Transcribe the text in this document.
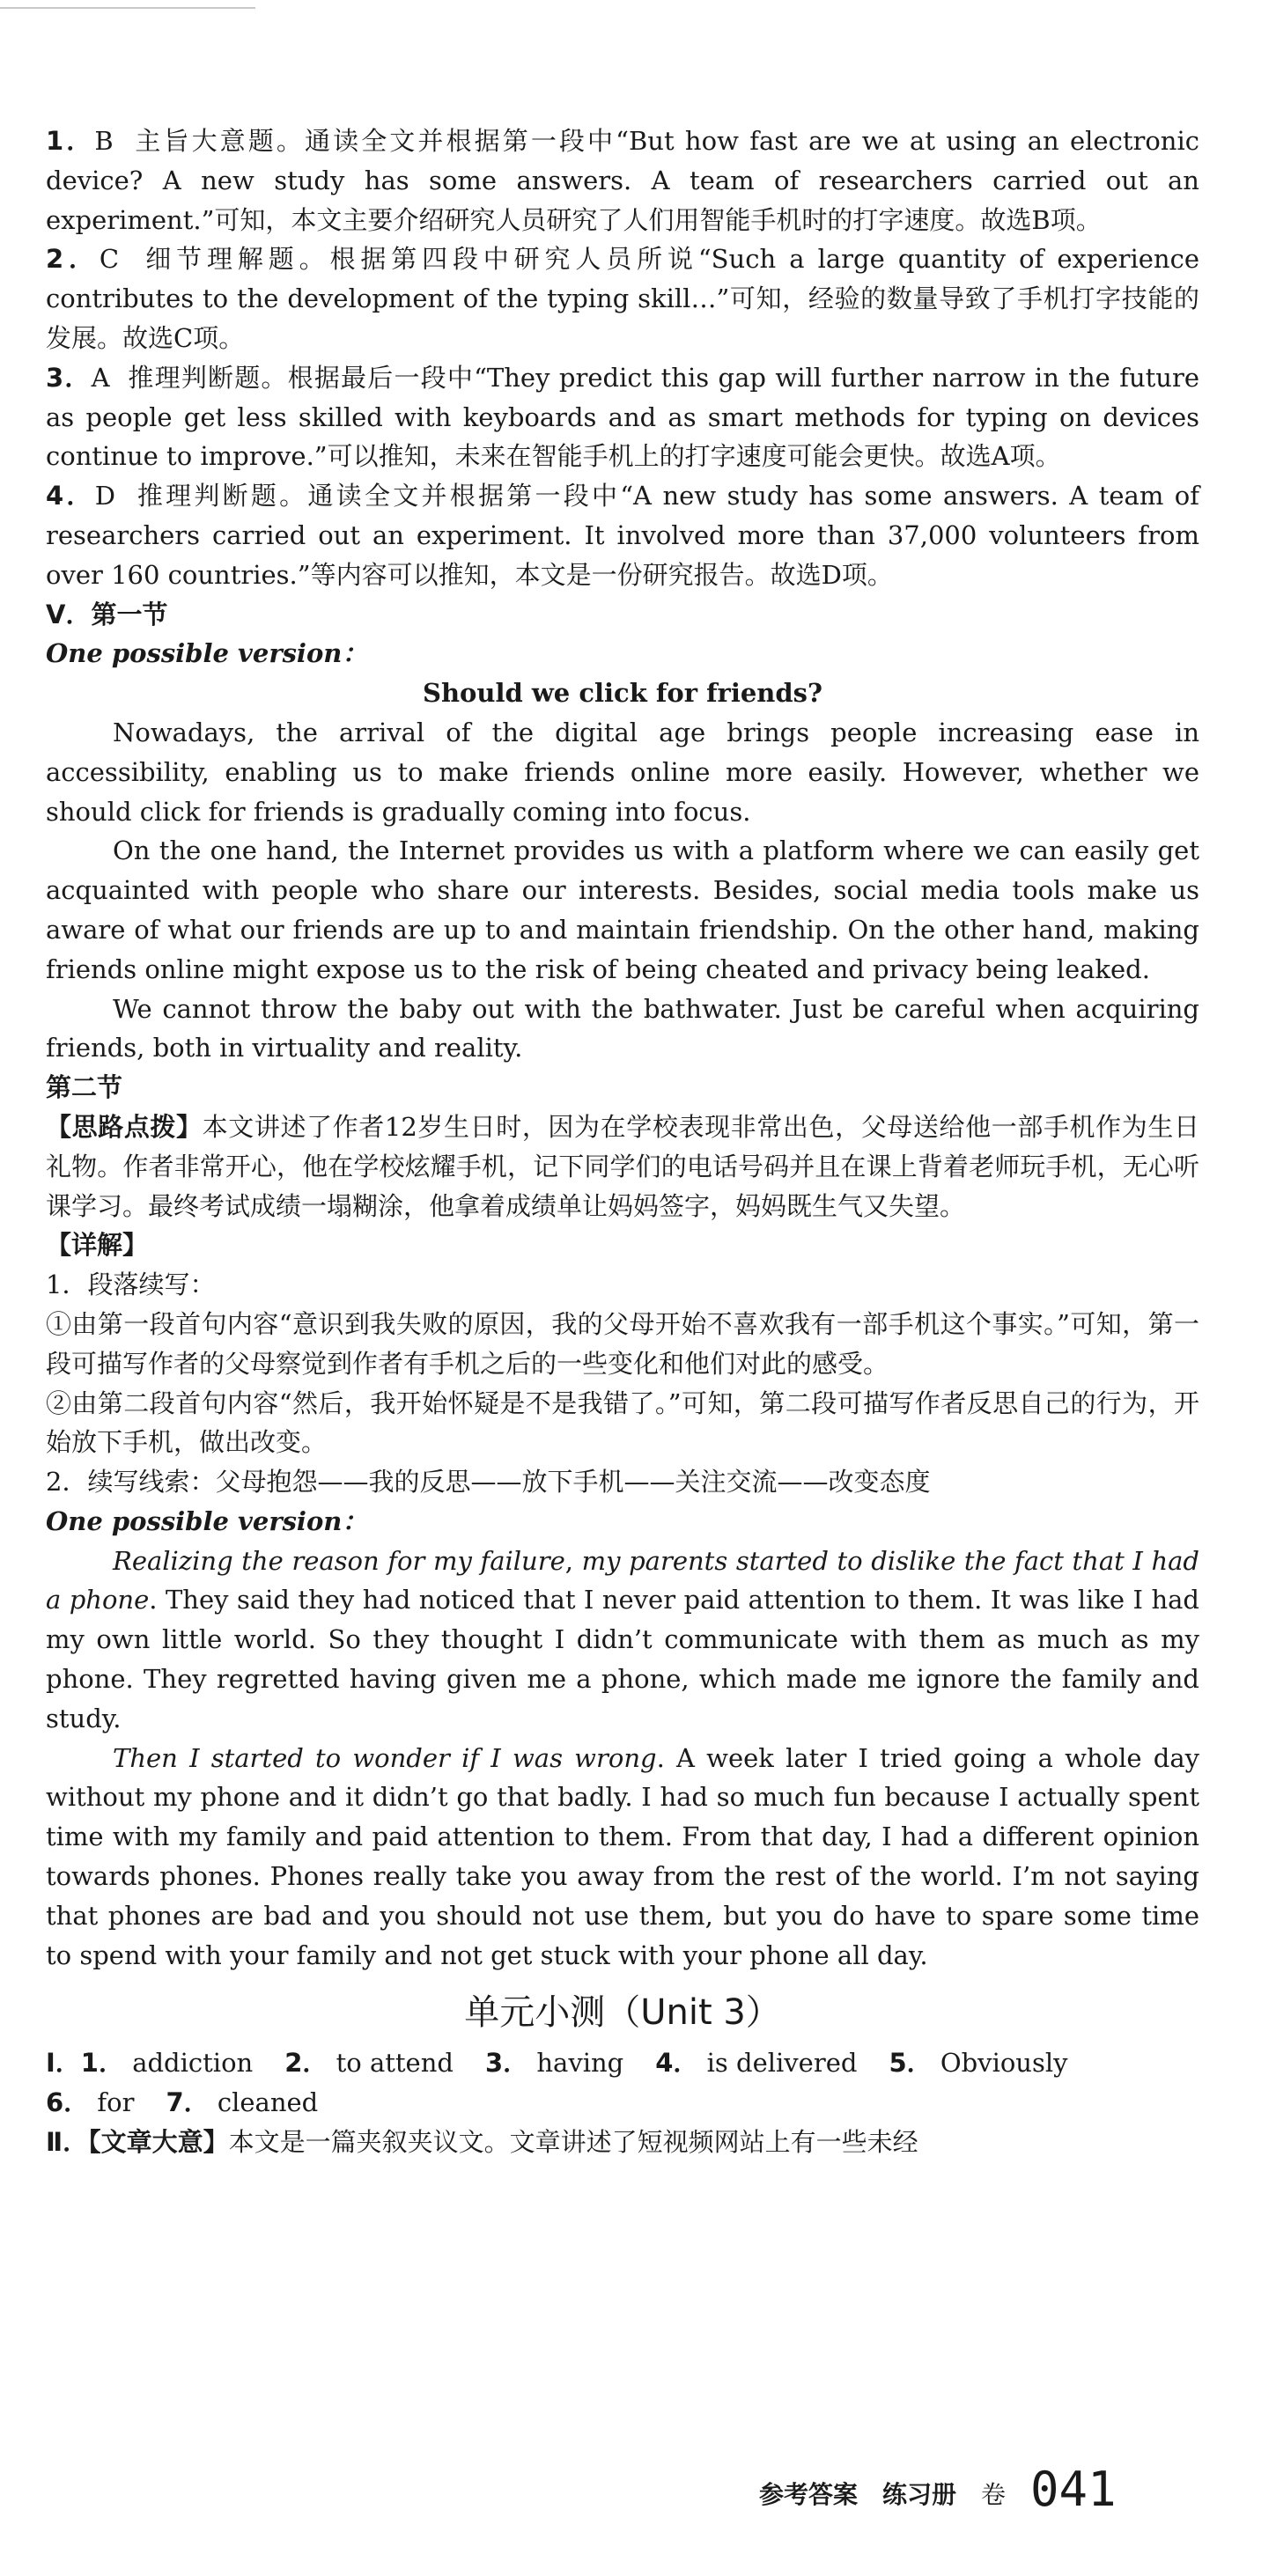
1．B 主旨大意题。通读全文并根据第一段中“But how fast are we at using an electronic device? A new study has some answers. A team of researchers carried out an experiment.”可知，本文主要介绍研究人员研究了人们用智能手机时的打字速度。故选B项。

2．C 细节理解题。根据第四段中研究人员所说“Such a large quantity of experience contributes to the development of the typing skill…”可知，经验的数量导致了手机打字技能的发展。故选C项。

3．A 推理判断题。根据最后一段中“They predict this gap will further narrow in the future as people get less skilled with keyboards and as smart methods for typing on devices continue to improve.”可以推知，未来在智能手机上的打字速度可能会更快。故选A项。

4．D 推理判断题。通读全文并根据第一段中“A new study has some answers. A team of researchers carried out an experiment. It involved more than 37,000 volunteers from over 160 countries.”等内容可以推知，本文是一份研究报告。故选D项。

Ⅴ．第一节

One possible version：

Should we click for friends?

Nowadays, the arrival of the digital age brings people increasing ease in accessibility, enabling us to make friends online more easily. However, whether we should click for friends is gradually coming into focus.

On the one hand, the Internet provides us with a platform where we can easily get acquainted with people who share our interests. Besides, social media tools make us aware of what our friends are up to and maintain friendship. On the other hand, making friends online might expose us to the risk of being cheated and privacy being leaked.

We cannot throw the baby out with the bathwater. Just be careful when acquiring friends, both in virtuality and reality.

第二节

【思路点拨】本文讲述了作者12岁生日时，因为在学校表现非常出色，父母送给他一部手机作为生日礼物。作者非常开心，他在学校炫耀手机，记下同学们的电话号码并且在课上背着老师玩手机，无心听课学习。最终考试成绩一塌糊涂，他拿着成绩单让妈妈签字，妈妈既生气又失望。

【详解】

1．段落续写：

①由第一段首句内容“意识到我失败的原因，我的父母开始不喜欢我有一部手机这个事实。”可知，第一段可描写作者的父母察觉到作者有手机之后的一些变化和他们对此的感受。

②由第二段首句内容“然后，我开始怀疑是不是我错了。”可知，第二段可描写作者反思自己的行为，开始放下手机，做出改变。

2．续写线索：父母抱怨——我的反思——放下手机——关注交流——改变态度

One possible version：

Realizing the reason for my failure, my parents started to dislike the fact that I had a phone. They said they had noticed that I never paid attention to them. It was like I had my own little world. So they thought I didn’t communicate with them as much as my phone. They regretted having given me a phone, which made me ignore the family and study.

Then I started to wonder if I was wrong. A week later I tried going a whole day without my phone and it didn’t go that badly. I had so much fun because I actually spent time with my family and paid attention to them. From that day, I had a different opinion towards phones. Phones really take you away from the rest of the world. I’m not saying that phones are bad and you should not use them, but you do have to spare some time to spend with your family and not get stuck with your phone all day.

单元小测（Unit 3）
Ⅰ．1． addiction 2． to attend 3． having 4． is delivered 5． Obviously
6． for 7． cleaned

Ⅱ．【文章大意】本文是一篇夹叙夹议文。文章讲述了短视频网站上有一些未经

参考答案 练习册 卷 041
